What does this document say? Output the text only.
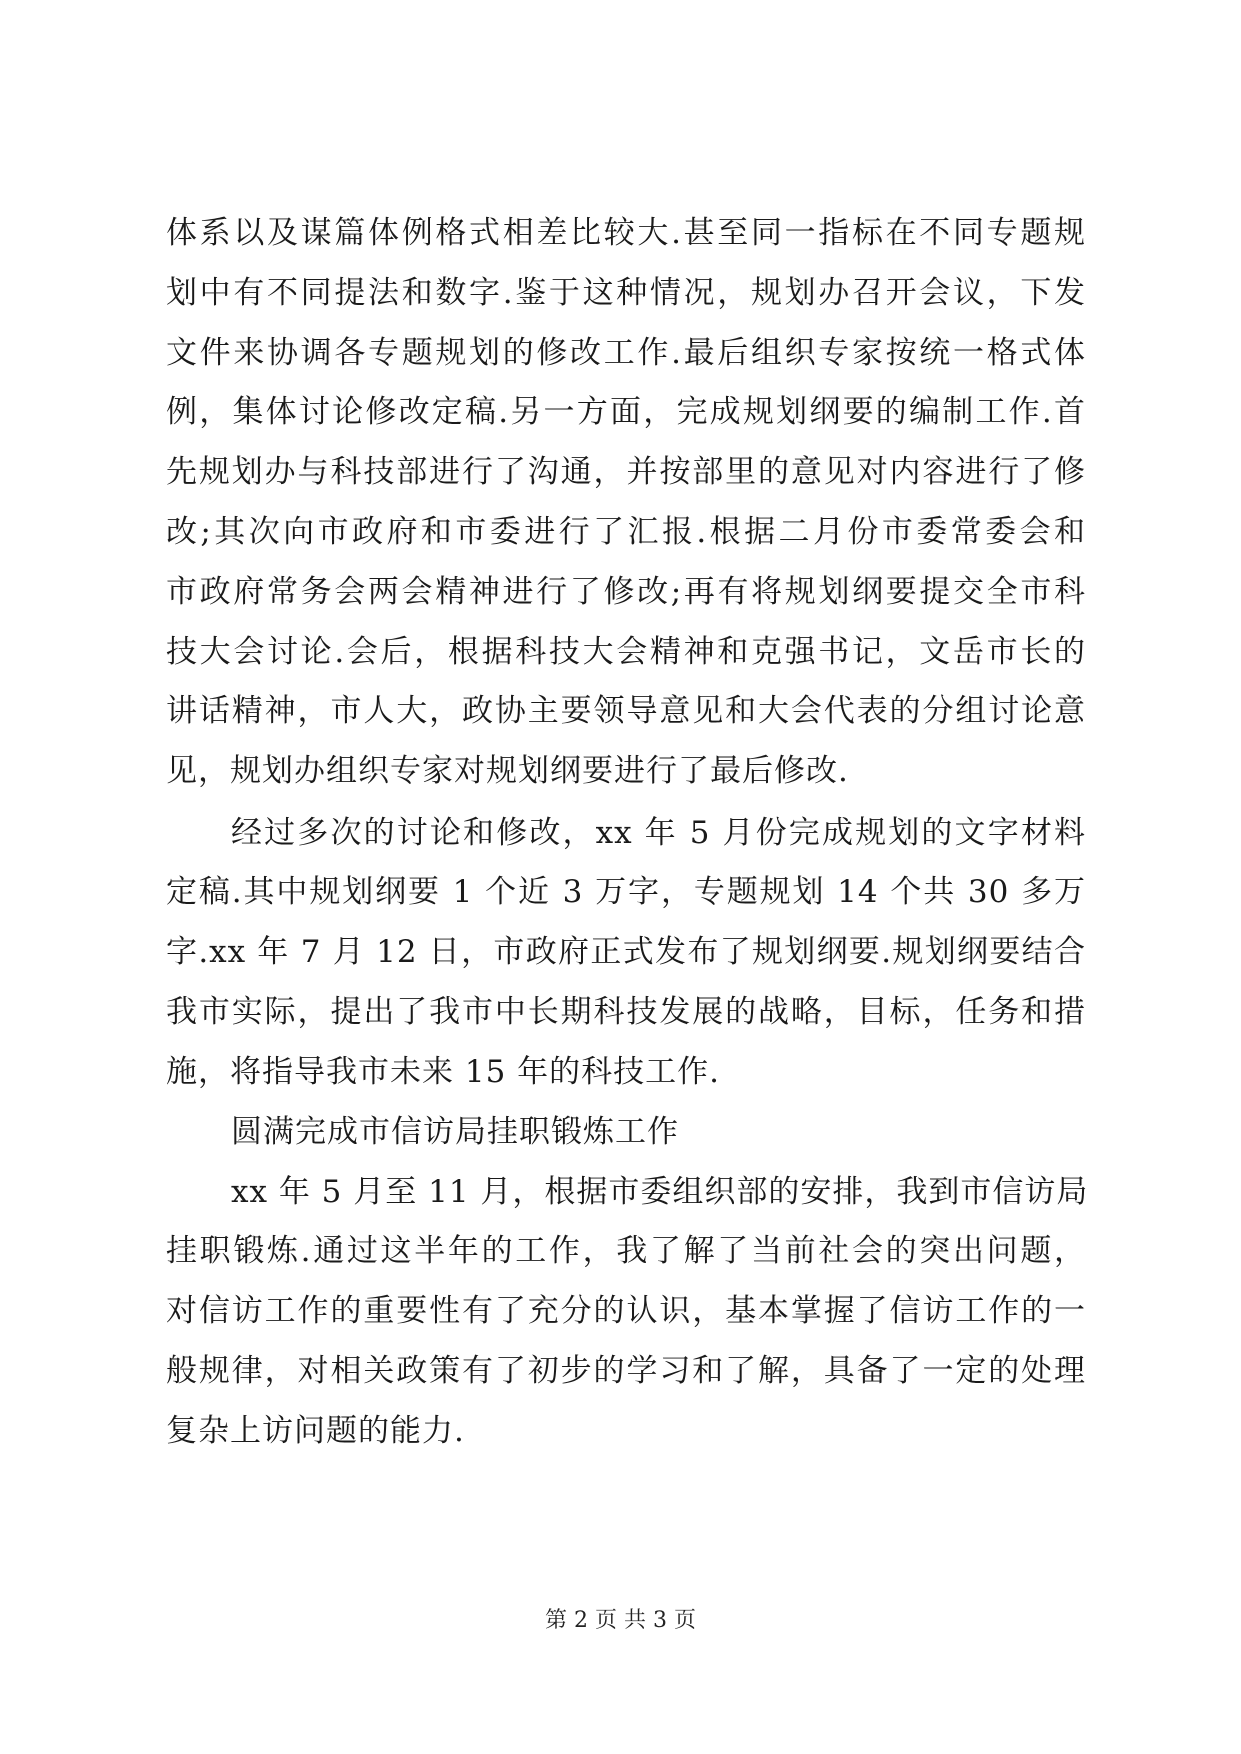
体系以及谋篇体例格式相差比较大.甚至同一指标在不同专题规
划中有不同提法和数字.鉴于这种情况，规划办召开会议，下发
文件来协调各专题规划的修改工作.最后组织专家按统一格式体
例，集体讨论修改定稿.另一方面，完成规划纲要的编制工作.首
先规划办与科技部进行了沟通，并按部里的意见对内容进行了修
改;其次向市政府和市委进行了汇报.根据二月份市委常委会和
市政府常务会两会精神进行了修改;再有将规划纲要提交全市科
技大会讨论.会后，根据科技大会精神和克强书记，文岳市长的
讲话精神，市人大，政协主要领导意见和大会代表的分组讨论意
见，规划办组织专家对规划纲要进行了最后修改.
经过多次的讨论和修改，xx 年 5 月份完成规划的文字材料
定稿.其中规划纲要 1 个近 3 万字，专题规划 14 个共 30 多万
字.xx 年 7 月 12 日，市政府正式发布了规划纲要.规划纲要结合
我市实际，提出了我市中长期科技发展的战略，目标，任务和措
施，将指导我市未来 15 年的科技工作.
圆满完成市信访局挂职锻炼工作
xx 年 5 月至 11 月，根据市委组织部的安排，我到市信访局
挂职锻炼.通过这半年的工作，我了解了当前社会的突出问题，
对信访工作的重要性有了充分的认识，基本掌握了信访工作的一
般规律，对相关政策有了初步的学习和了解，具备了一定的处理
复杂上访问题的能力.
第 2 页 共 3 页
